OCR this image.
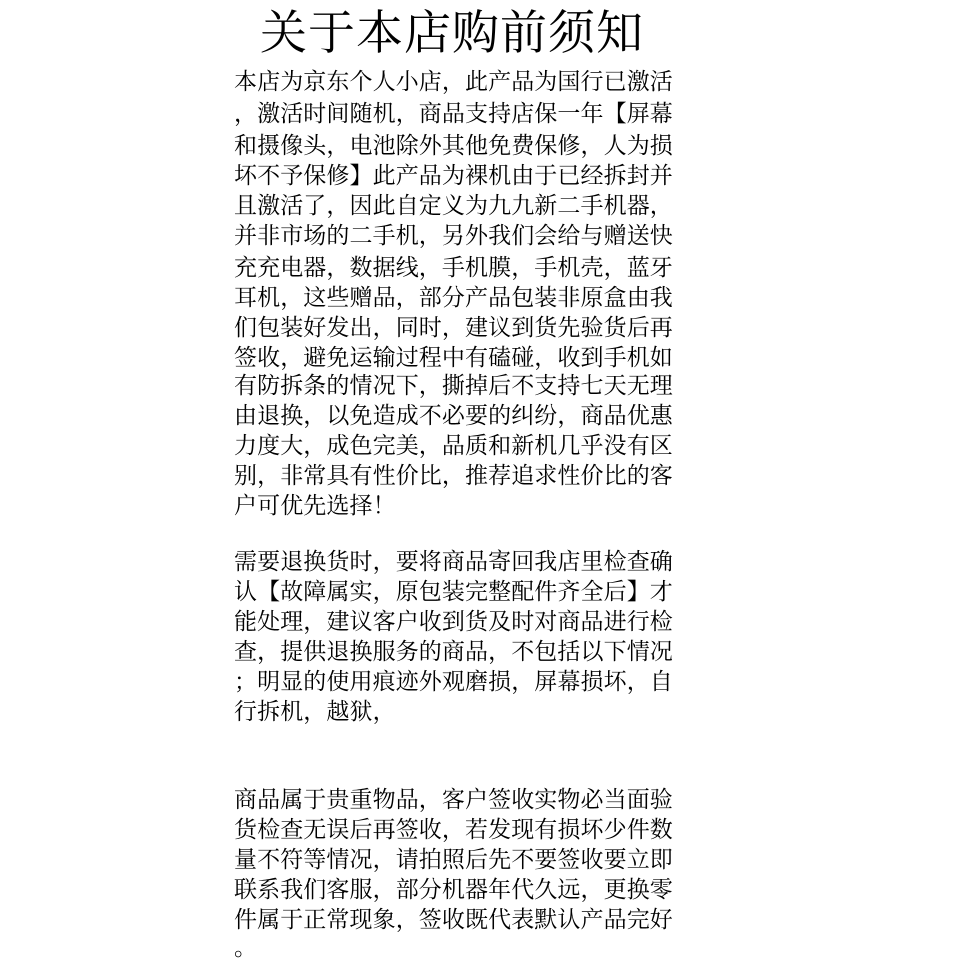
关于本店购前须知

本店为京东个人小店，此产品为国行已激活

，激活时间随机，商品支持店保一年【屏幕

和摄像头，电池除外其他免费保修，人为损

坏不予保修】此产品为裸机由于已经拆封并

且激活了，因此自定义为九九新二手机器，

并非市场的二手机，另外我们会给与赠送快

充充电器，数据线，手机膜，手机壳，蓝牙

耳机，这些赠品，部分产品包装非原盒由我

们包装好发出，同时，建议到货先验货后再

签收，避免运输过程中有磕碰，收到手机如

有防拆条的情况下，撕掉后不支持七天无理

由退换，以免造成不必要的纠纷，商品优惠

力度大，成色完美，品质和新机几乎没有区

别，非常具有性价比，推荐追求性价比的客

户可优先选择！

需要退换货时，要将商品寄回我店里检查确

认【故障属实，原包装完整配件齐全后】才

能处理，建议客户收到货及时对商品进行检

查，提供退换服务的商品，不包括以下情况

；明显的使用痕迹外观磨损，屏幕损坏，自

行拆机，越狱，

商品属于贵重物品，客户签收实物必当面验

货检查无误后再签收，若发现有损坏少件数

量不符等情况，请拍照后先不要签收要立即

联系我们客服，部分机器年代久远，更换零

件属于正常现象，签收既代表默认产品完好

。
